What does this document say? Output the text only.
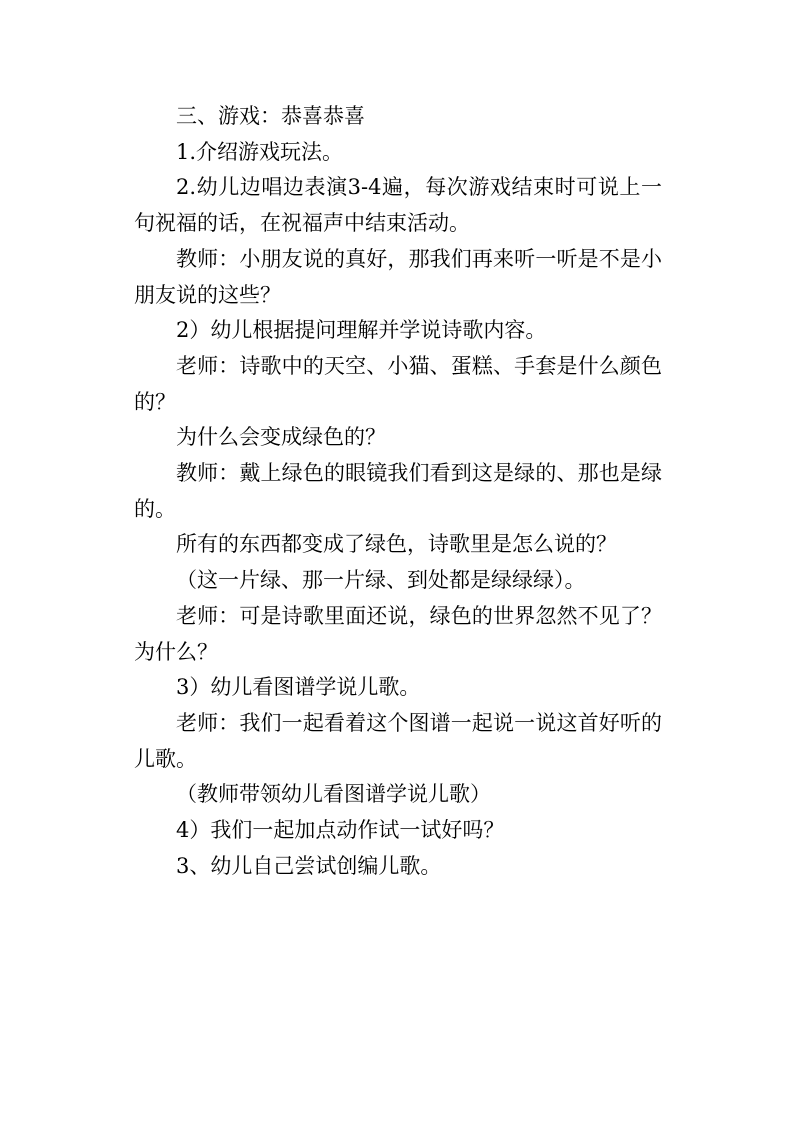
三、游戏：恭喜恭喜

1.介绍游戏玩法。

2.幼儿边唱边表演3-4遍，每次游戏结束时可说上一句祝福的话，在祝福声中结束活动。

教师：小朋友说的真好，那我们再来听一听是不是小朋友说的这些？

2）幼儿根据提问理解并学说诗歌内容。

老师：诗歌中的天空、小猫、蛋糕、手套是什么颜色的？

为什么会变成绿色的？

教师：戴上绿色的眼镜我们看到这是绿的、那也是绿的。

所有的东西都变成了绿色，诗歌里是怎么说的？

（这一片绿、那一片绿、到处都是绿绿绿）。

老师：可是诗歌里面还说，绿色的世界忽然不见了？为什么？

3）幼儿看图谱学说儿歌。

老师：我们一起看着这个图谱一起说一说这首好听的儿歌。

（教师带领幼儿看图谱学说儿歌）

4）我们一起加点动作试一试好吗？

3、幼儿自己尝试创编儿歌。
